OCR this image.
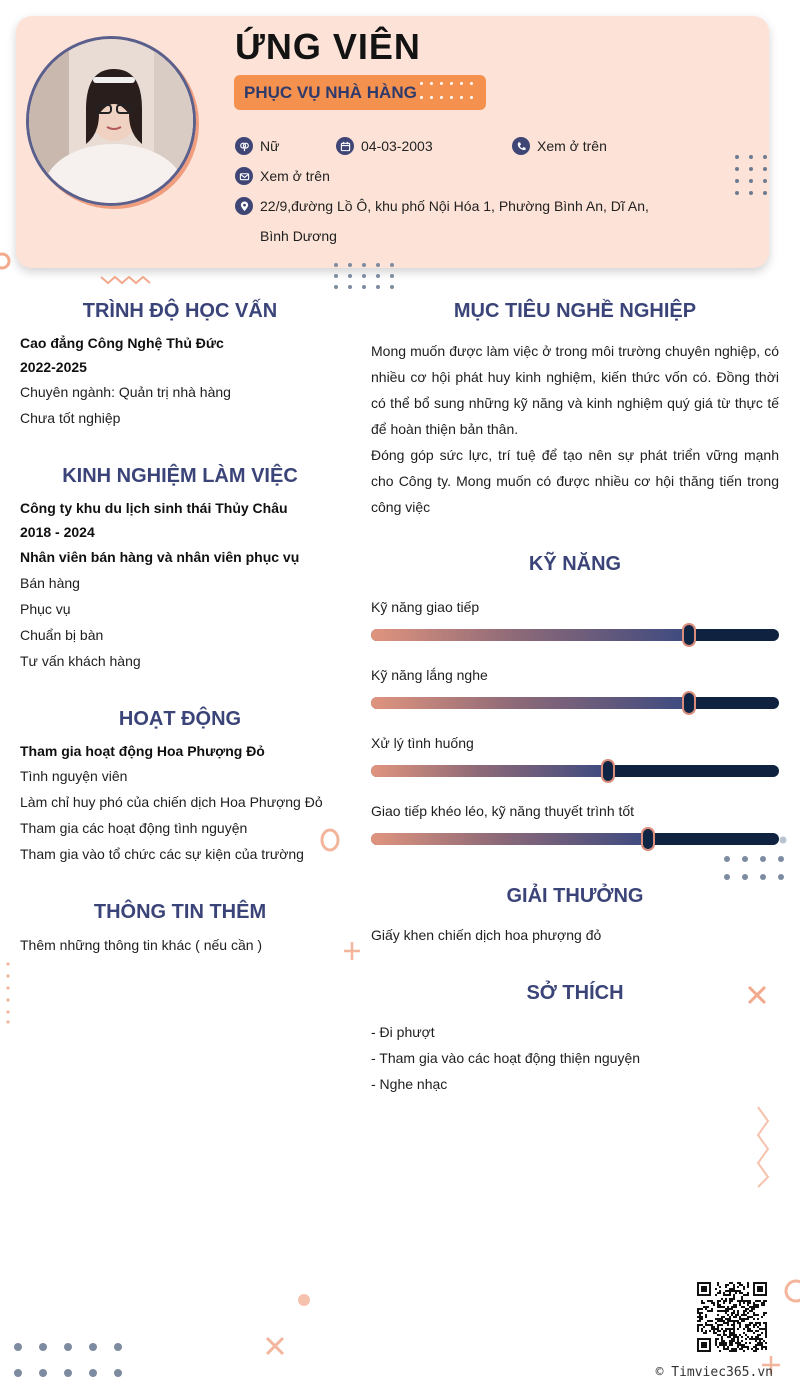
ỨNG VIÊN
PHỤC VỤ NHÀ HÀNG
Nữ	04-03-2003	Xem ở trên
Xem ở trên
22/9,đường Lồ Ô, khu phố Nội Hóa 1, Phường Bình An, Dĩ An,
Bình Dương
TRÌNH ĐỘ HỌC VẤN
Cao đẳng Công Nghệ Thủ Đức
2022-2025
Chuyên ngành: Quản trị nhà hàng
Chưa tốt nghiệp
KINH NGHIỆM LÀM VIỆC
Công ty khu du lịch sinh thái Thủy Châu
2018 - 2024
Nhân viên bán hàng và nhân viên phục vụ
Bán hàng
Phục vụ
Chuẩn bị bàn
Tư vấn khách hàng
HOẠT ĐỘNG
Tham gia hoạt động Hoa Phượng Đỏ
Tình nguyện viên
Làm chỉ huy phó của chiến dịch Hoa Phượng Đỏ
Tham gia các hoạt động tình nguyện
Tham gia vào tổ chức các sự kiện của trường
THÔNG TIN THÊM
Thêm những thông tin khác ( nếu cần )
MỤC TIÊU NGHỀ NGHIỆP
Mong muốn được làm việc ở trong môi trường chuyên nghiệp, có nhiều cơ hội phát huy kinh nghiệm, kiến thức vốn có. Đồng thời có thể bổ sung những kỹ năng và kinh nghiệm quý giá từ thực tế để hoàn thiện bản thân.
Đóng góp sức lực, trí tuệ để tạo nên sự phát triển vững mạnh cho Công ty. Mong muốn có được nhiều cơ hội thăng tiến trong công việc
KỸ NĂNG
Kỹ năng giao tiếp
Kỹ năng lắng nghe
Xử lý tình huống
Giao tiếp khéo léo, kỹ năng thuyết trình tốt
GIẢI THƯỞNG
Giấy khen chiến dịch hoa phượng đỏ
SỞ THÍCH
- Đi phượt
- Tham gia vào các hoạt động thiện nguyện
- Nghe nhạc
© Timviec365.vn
